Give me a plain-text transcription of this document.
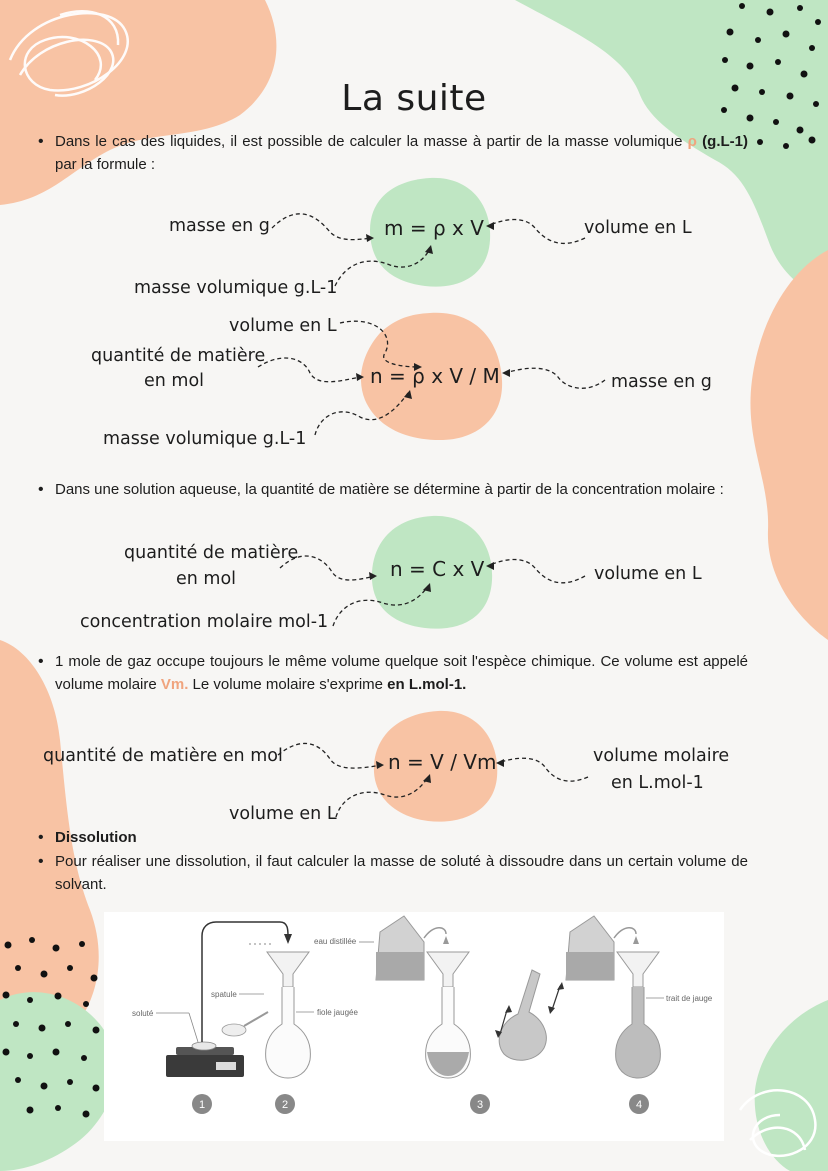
La suite
• Dans le cas des liquides, il est possible de calculer la masse à partir de la masse volumique ρ (g.L-1) par la formule :
m = ρ x V
masse en g	volume en L
masse volumique g.L-1
n = ρ x V / M
volume en L
quantité de matière
en mol	masse en g
masse volumique g.L-1
• Dans une solution aqueuse, la quantité de matière se détermine à partir de la concentration molaire :
n = C x V
quantité de matière
en mol	volume en L
concentration molaire mol-1
• 1 mole de gaz occupe toujours le même volume quelque soit l'espèce chimique. Ce volume est appelé volume molaire Vm. Le volume molaire s'exprime en L.mol-1.
n = V / Vm
quantité de matière en mol	volume molaire
en L.mol-1
volume en L
• Dissolution
• Pour réaliser une dissolution, il faut calculer la masse de soluté à dissoudre dans un certain volume de solvant.
soluté
spatule
fiole jaugée
eau distillée
trait de jauge
1	2	3	4
